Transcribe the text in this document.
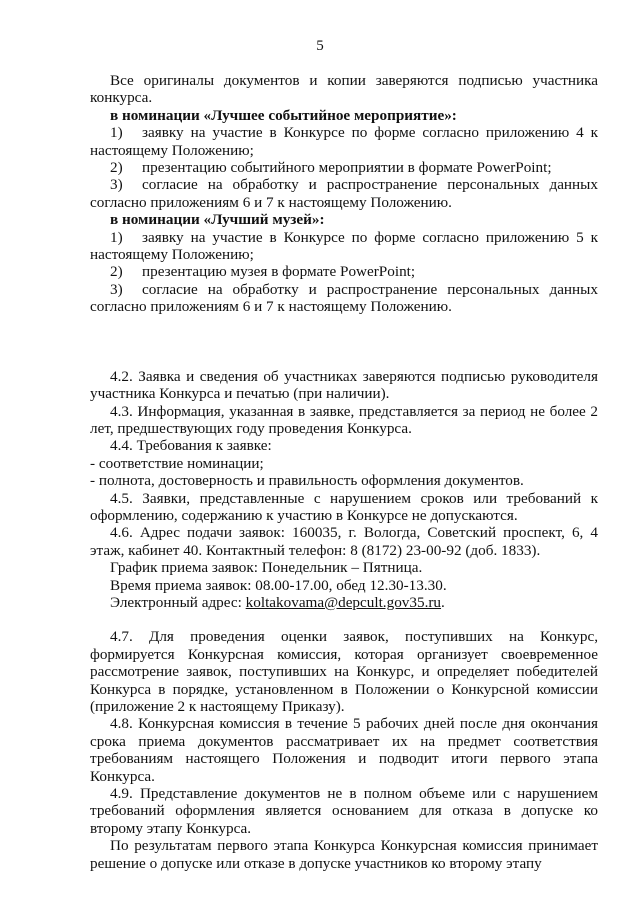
5

Все оригиналы документов и копии заверяются подписью участника конкурса.

в номинации «Лучшее событийное мероприятие»:

1) заявку на участие в Конкурсе по форме согласно приложению 4 к настоящему Положению;

2) презентацию событийного мероприятии в формате PowerPoint;

3) согласие на обработку и распространение персональных данных согласно приложениям 6 и 7 к настоящему Положению.

в номинации «Лучший музей»:

1) заявку на участие в Конкурсе по форме согласно приложению 5 к настоящему Положению;

2) презентацию музея в формате PowerPoint;

3) согласие на обработку и распространение персональных данных согласно приложениям 6 и 7 к настоящему Положению.

4.2. Заявка и сведения об участниках заверяются подписью руководителя участника Конкурса и печатью (при наличии).

4.3. Информация, указанная в заявке, представляется за период не более 2 лет, предшествующих году проведения Конкурса.

4.4. Требования к заявке:

- соответствие номинации;

- полнота, достоверность и правильность оформления документов.

4.5. Заявки, представленные с нарушением сроков или требований к оформлению, содержанию к участию в Конкурсе не допускаются.

4.6. Адрес подачи заявок: 160035, г. Вологда, Советский проспект, 6, 4 этаж, кабинет 40. Контактный телефон: 8 (8172) 23-00-92 (доб. 1833).

График приема заявок: Понедельник – Пятница.

Время приема заявок: 08.00-17.00, обед 12.30-13.30.

Электронный адрес: koltakovama@depcult.gov35.ru.

4.7. Для проведения оценки заявок, поступивших на Конкурс, формируется Конкурсная комиссия, которая организует своевременное рассмотрение заявок, поступивших на Конкурс, и определяет победителей Конкурса в порядке, установленном в Положении о Конкурсной комиссии (приложение 2 к настоящему Приказу).

4.8. Конкурсная комиссия в течение 5 рабочих дней после дня окончания срока приема документов рассматривает их на предмет соответствия требованиям настоящего Положения и подводит итоги первого этапа Конкурса.

4.9. Представление документов не в полном объеме или с нарушением требований оформления является основанием для отказа в допуске ко второму этапу Конкурса.

По результатам первого этапа Конкурса Конкурсная комиссия принимает решение о допуске или отказе в допуске участников ко второму этапу
